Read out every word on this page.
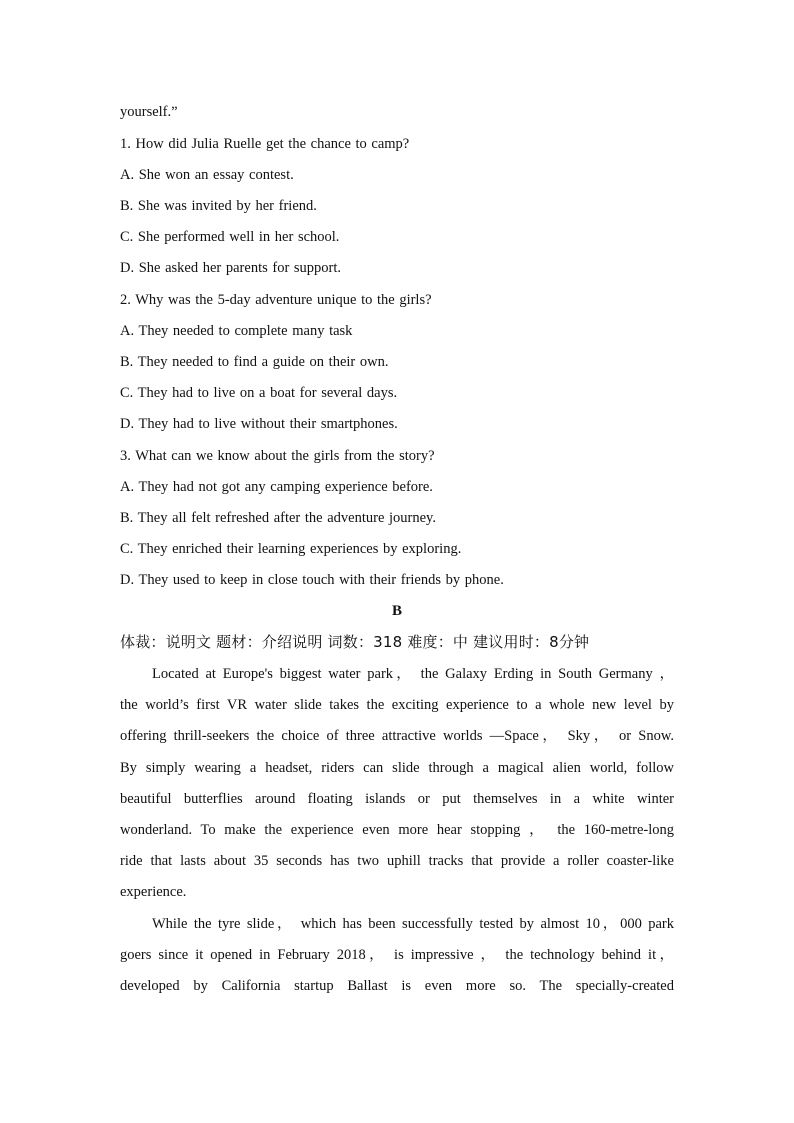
yourself.”
1. How did Julia Ruelle get the chance to camp?
A. She won an essay contest.
B. She was invited by her friend.
C. She performed well in her school.
D. She asked her parents for support.
2. Why was the 5-day adventure unique to the girls?
A. They needed to complete many task
B. They needed to find a guide on their own.
C. They had to live on a boat for several days.
D. They had to live without their smartphones.
3. What can we know about the girls from the story?
A. They had not got any camping experience before.
B. They all felt refreshed after the adventure journey.
C. They enriched their learning experiences by exploring.
D. They used to keep in close touch with their friends by phone.
B
体裁：说明文 题材：介绍说明 词数：318 难度：中 建议用时：8分钟
Located at Europe's biggest water park， the Galaxy Erding in South Germany ，
the world’s first VR water slide takes the exciting experience to a whole new level by
offering thrill-seekers the choice of three attractive worlds —Space， Sky， or Snow.
By simply wearing a headset, riders can slide through a magical alien world, follow
beautiful butterflies around floating islands or put themselves in a white winter
wonderland. To make the experience even more hear stopping ， the 160-metre-long
ride that lasts about 35 seconds has two uphill tracks that provide a roller coaster-like
experience.
While the tyre slide， which has been successfully tested by almost 10，000 park
goers since it opened in February 2018， is impressive ， the technology behind it，
developed by California startup Ballast is even more so. The specially-created
